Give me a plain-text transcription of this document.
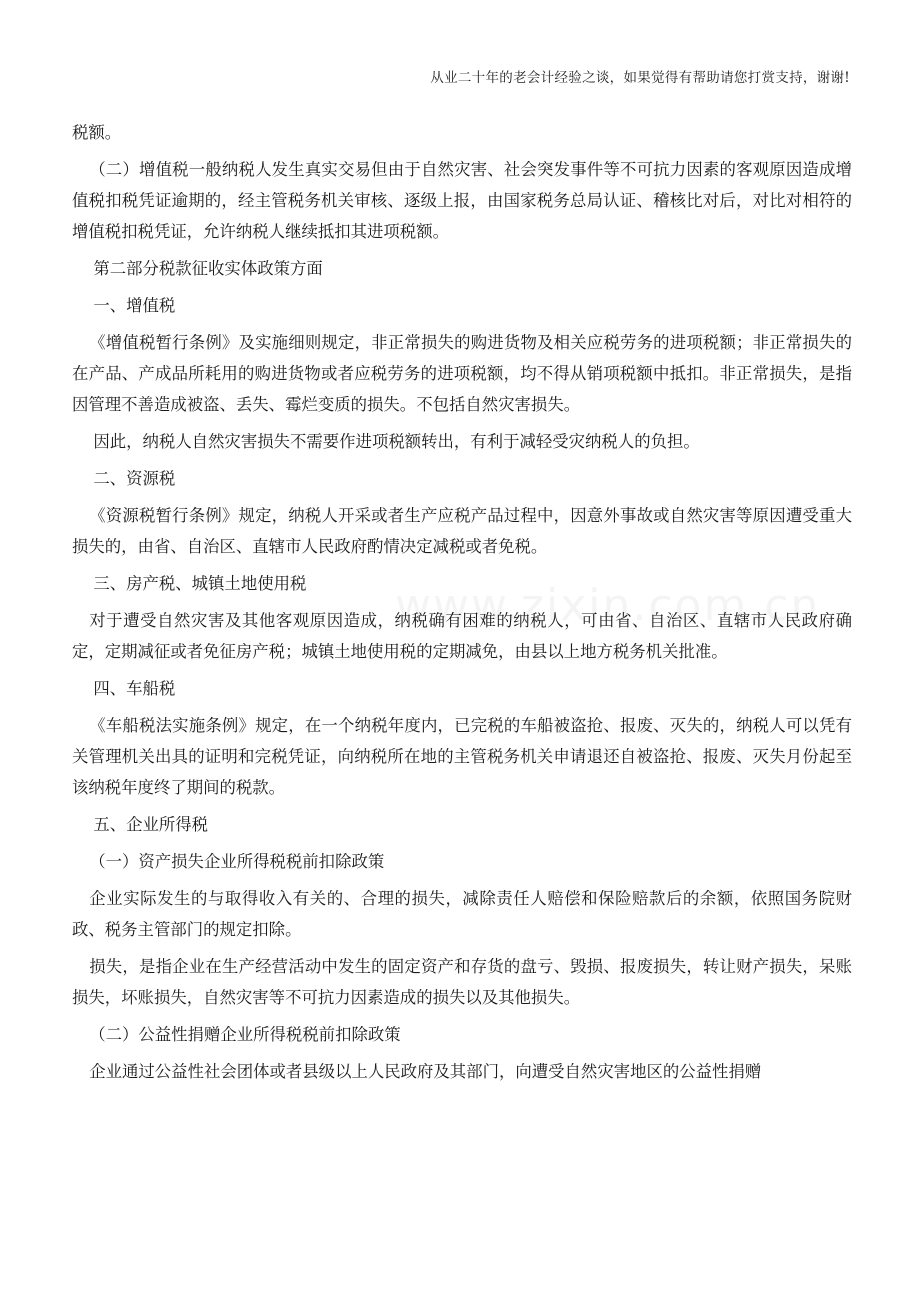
从业二十年的老会计经验之谈，如果觉得有帮助请您打赏支持，谢谢!

税额。

（二）增值税一般纳税人发生真实交易但由于自然灾害、社会突发事件等不可抗力因素的客观原因造成增值税扣税凭证逾期的，经主管税务机关审核、逐级上报，由国家税务总局认证、稽核比对后，对比对相符的增值税扣税凭证，允许纳税人继续抵扣其进项税额。

第二部分税款征收实体政策方面

一、增值税

《增值税暂行条例》及实施细则规定，非正常损失的购进货物及相关应税劳务的进项税额；非正常损失的在产品、产成品所耗用的购进货物或者应税劳务的进项税额，均不得从销项税额中抵扣。非正常损失，是指因管理不善造成被盗、丢失、霉烂变质的损失。不包括自然灾害损失。

因此，纳税人自然灾害损失不需要作进项税额转出，有利于减轻受灾纳税人的负担。

二、资源税

《资源税暂行条例》规定，纳税人开采或者生产应税产品过程中，因意外事故或自然灾害等原因遭受重大损失的，由省、自治区、直辖市人民政府酌情决定减税或者免税。

三、房产税、城镇土地使用税

对于遭受自然灾害及其他客观原因造成，纳税确有困难的纳税人，可由省、自治区、直辖市人民政府确定，定期减征或者免征房产税；城镇土地使用税的定期减免，由县以上地方税务机关批准。

四、车船税

《车船税法实施条例》规定，在一个纳税年度内，已完税的车船被盗抢、报废、灭失的，纳税人可以凭有关管理机关出具的证明和完税凭证，向纳税所在地的主管税务机关申请退还自被盗抢、报废、灭失月份起至该纳税年度终了期间的税款。

五、企业所得税

（一）资产损失企业所得税税前扣除政策

企业实际发生的与取得收入有关的、合理的损失，减除责任人赔偿和保险赔款后的余额，依照国务院财政、税务主管部门的规定扣除。

损失，是指企业在生产经营活动中发生的固定资产和存货的盘亏、毁损、报废损失，转让财产损失，呆账损失，坏账损失，自然灾害等不可抗力因素造成的损失以及其他损失。

（二）公益性捐赠企业所得税税前扣除政策

企业通过公益性社会团体或者县级以上人民政府及其部门，向遭受自然灾害地区的公益性捐赠
